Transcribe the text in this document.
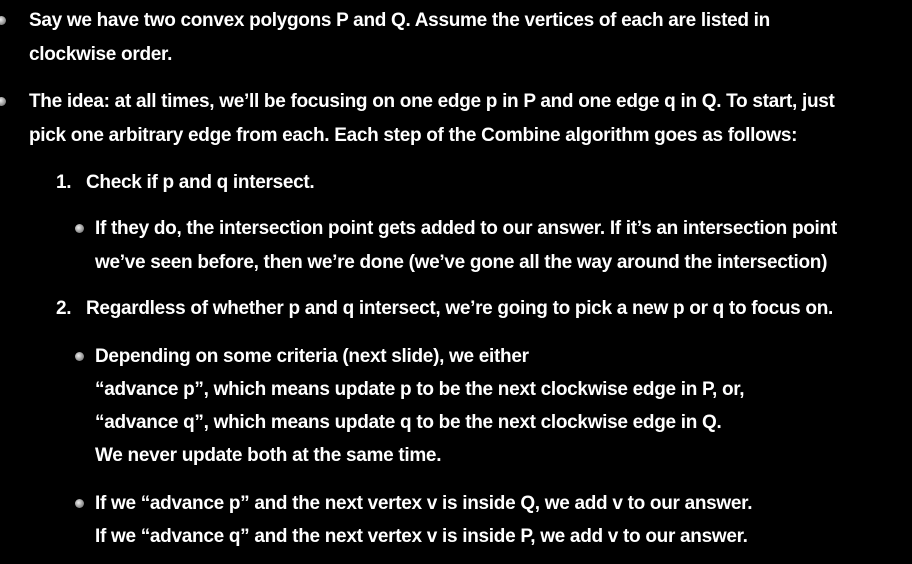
Say we have two convex polygons P and Q. Assume the vertices of each are listed in
clockwise order.
The idea: at all times, we’ll be focusing on one edge p in P and one edge q in Q. To start, just
pick one arbitrary edge from each. Each step of the Combine algorithm goes as follows:
1. Check if p and q intersect.
If they do, the intersection point gets added to our answer. If it’s an intersection point
we’ve seen before, then we’re done (we’ve gone all the way around the intersection)
2. Regardless of whether p and q intersect, we’re going to pick a new p or q to focus on.
Depending on some criteria (next slide), we either
“advance p”, which means update p to be the next clockwise edge in P, or,
“advance q”, which means update q to be the next clockwise edge in Q.
We never update both at the same time.
If we “advance p” and the next vertex v is inside Q, we add v to our answer.
If we “advance q” and the next vertex v is inside P, we add v to our answer.
